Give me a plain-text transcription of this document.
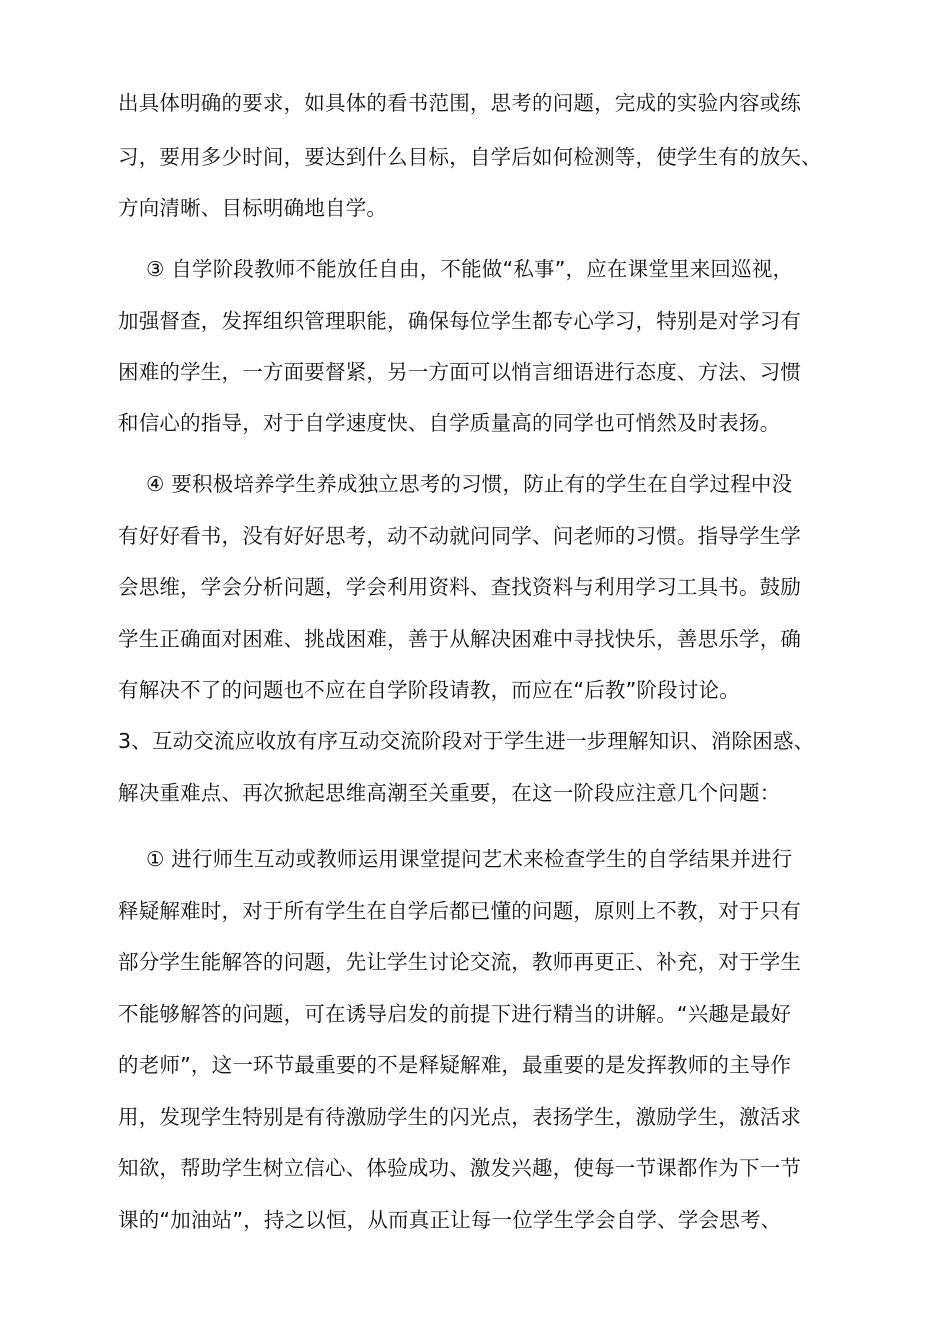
出具体明确的要求，如具体的看书范围，思考的问题，完成的实验内容或练
习，要用多少时间，要达到什么目标，自学后如何检测等，使学生有的放矢、
方向清晰、目标明确地自学。
③ 自学阶段教师不能放任自由，不能做“私事”，应在课堂里来回巡视，
加强督查，发挥组织管理职能，确保每位学生都专心学习，特别是对学习有
困难的学生，一方面要督紧，另一方面可以悄言细语进行态度、方法、习惯
和信心的指导，对于自学速度快、自学质量高的同学也可悄然及时表扬。
④ 要积极培养学生养成独立思考的习惯，防止有的学生在自学过程中没
有好好看书，没有好好思考，动不动就问同学、问老师的习惯。指导学生学
会思维，学会分析问题，学会利用资料、查找资料与利用学习工具书。鼓励
学生正确面对困难、挑战困难，善于从解决困难中寻找快乐，善思乐学，确
有解决不了的问题也不应在自学阶段请教，而应在“后教”阶段讨论。
3、互动交流应收放有序互动交流阶段对于学生进一步理解知识、消除困惑、
解决重难点、再次掀起思维高潮至关重要，在这一阶段应注意几个问题：
① 进行师生互动或教师运用课堂提问艺术来检查学生的自学结果并进行
释疑解难时，对于所有学生在自学后都已懂的问题，原则上不教，对于只有
部分学生能解答的问题，先让学生讨论交流，教师再更正、补充，对于学生
不能够解答的问题，可在诱导启发的前提下进行精当的讲解。“兴趣是最好
的老师”，这一环节最重要的不是释疑解难，最重要的是发挥教师的主导作
用，发现学生特别是有待激励学生的闪光点，表扬学生，激励学生，激活求
知欲，帮助学生树立信心、体验成功、激发兴趣，使每一节课都作为下一节
课的“加油站”，持之以恒，从而真正让每一位学生学会自学、学会思考、
